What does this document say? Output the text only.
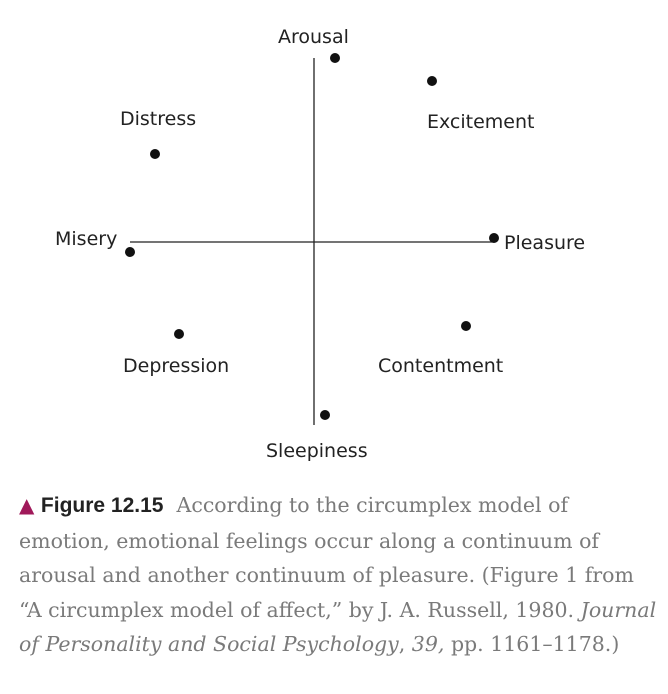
Arousal
Excitement
Pleasure
Contentment
Sleepiness
Depression
Misery
Distress

▲ Figure 12.15 According to the circumplex model of emotion, emotional feelings occur along a continuum of arousal and another continuum of pleasure. (Figure 1 from “A circumplex model of affect,” by J. A. Russell, 1980. Journal of Personality and Social Psychology, 39, pp. 1161–1178.)
